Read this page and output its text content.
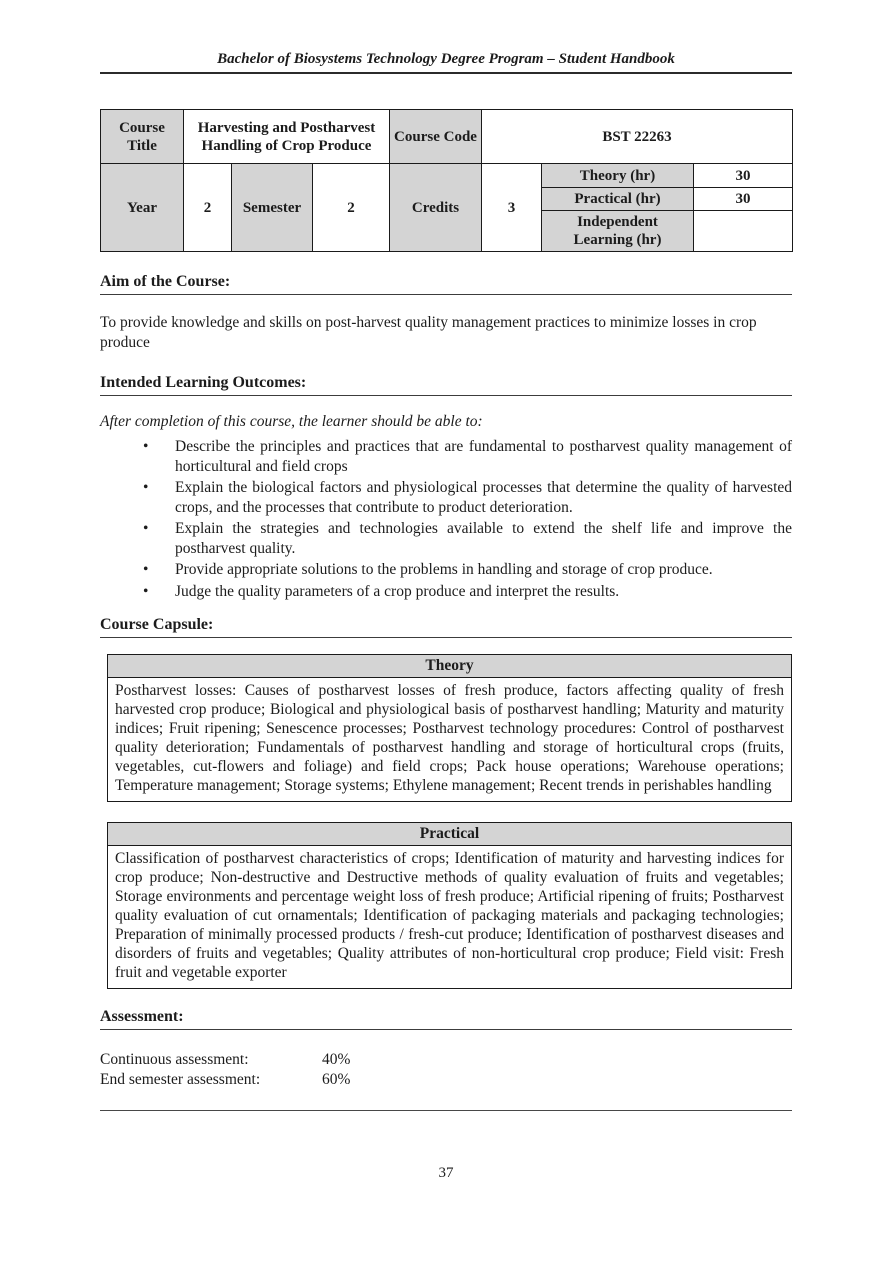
Bachelor of Biosystems Technology Degree Program – Student Handbook
Course Title	Harvesting and Postharvest Handling of Crop Produce			Course Code	BST 22263		
Year	2	Semester	2	Credits	3	Theory (hr)	30
						Practical (hr)	30
						Independent Learning (hr)	
Aim of the Course:
To provide knowledge and skills on post-harvest quality management practices to minimize losses in crop produce
Intended Learning Outcomes:
After completion of this course, the learner should be able to:
• Describe the principles and practices that are fundamental to postharvest quality management of horticultural and field crops
• Explain the biological factors and physiological processes that determine the quality of harvested crops, and the processes that contribute to product deterioration.
• Explain the strategies and technologies available to extend the shelf life and improve the postharvest quality.
• Provide appropriate solutions to the problems in handling and storage of crop produce.
• Judge the quality parameters of a crop produce and interpret the results.
Course Capsule:
Theory
Postharvest losses: Causes of postharvest losses of fresh produce, factors affecting quality of fresh harvested crop produce; Biological and physiological basis of postharvest handling; Maturity and maturity indices; Fruit ripening; Senescence processes; Postharvest technology procedures: Control of postharvest quality deterioration; Fundamentals of postharvest handling and storage of horticultural crops (fruits, vegetables, cut-flowers and foliage) and field crops; Pack house operations; Warehouse operations; Temperature management; Storage systems; Ethylene management; Recent trends in perishables handling
Practical
Classification of postharvest characteristics of crops; Identification of maturity and harvesting indices for crop produce; Non-destructive and Destructive methods of quality evaluation of fruits and vegetables; Storage environments and percentage weight loss of fresh produce; Artificial ripening of fruits; Postharvest quality evaluation of cut ornamentals; Identification of packaging materials and packaging technologies; Preparation of minimally processed products / fresh-cut produce; Identification of postharvest diseases and disorders of fruits and vegetables; Quality attributes of non-horticultural crop produce; Field visit: Fresh fruit and vegetable exporter
Assessment:
Continuous assessment:	40%
End semester assessment:	60%
37
